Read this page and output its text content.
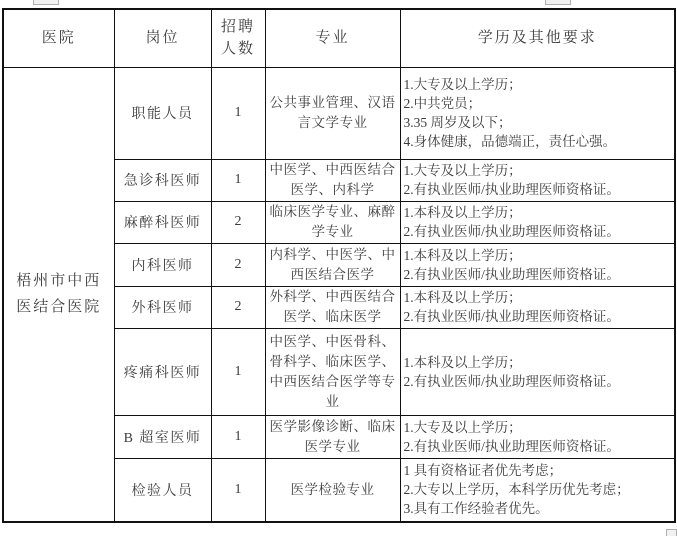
医院	岗位	招聘人数	专业	学历及其他要求
梧州市中西医结合医院	职能人员	1	公共事业管理、汉语言文学专业	1.大专及以上学历；
2.中共党员；
3.35 周岁及以下；
4.身体健康，品德端正，责任心强。

	急诊科医师	1	中医学、中西医结合医学、内科学	1.大专及以上学历；
2.有执业医师/执业助理医师资格证。

	麻醉科医师	2	临床医学专业、麻醉学专业	1.本科及以上学历；
2.有执业医师/执业助理医师资格证。

	内科医师	2	内科学、中医学、中西医结合医学	1.本科及以上学历；
2.有执业医师/执业助理医师资格证。

	外科医师	2	外科学、中西医结合医学、临床医学	1.本科及以上学历；
2.有执业医师/执业助理医师资格证。

	疼痛科医师	1	中医学、中医骨科、骨科学、临床医学、中西医结合医学等专业	1.本科及以上学历；
2.有执业医师/执业助理医师资格证。

	B 超室医师	1	医学影像诊断、临床医学专业	1.大专及以上学历；
2.有执业医师/执业助理医师资格证。

	检验人员	1	医学检验专业	1 具有资格证者优先考虑；
2.大专以上学历，本科学历优先考虑；
3.具有工作经验者优先。
